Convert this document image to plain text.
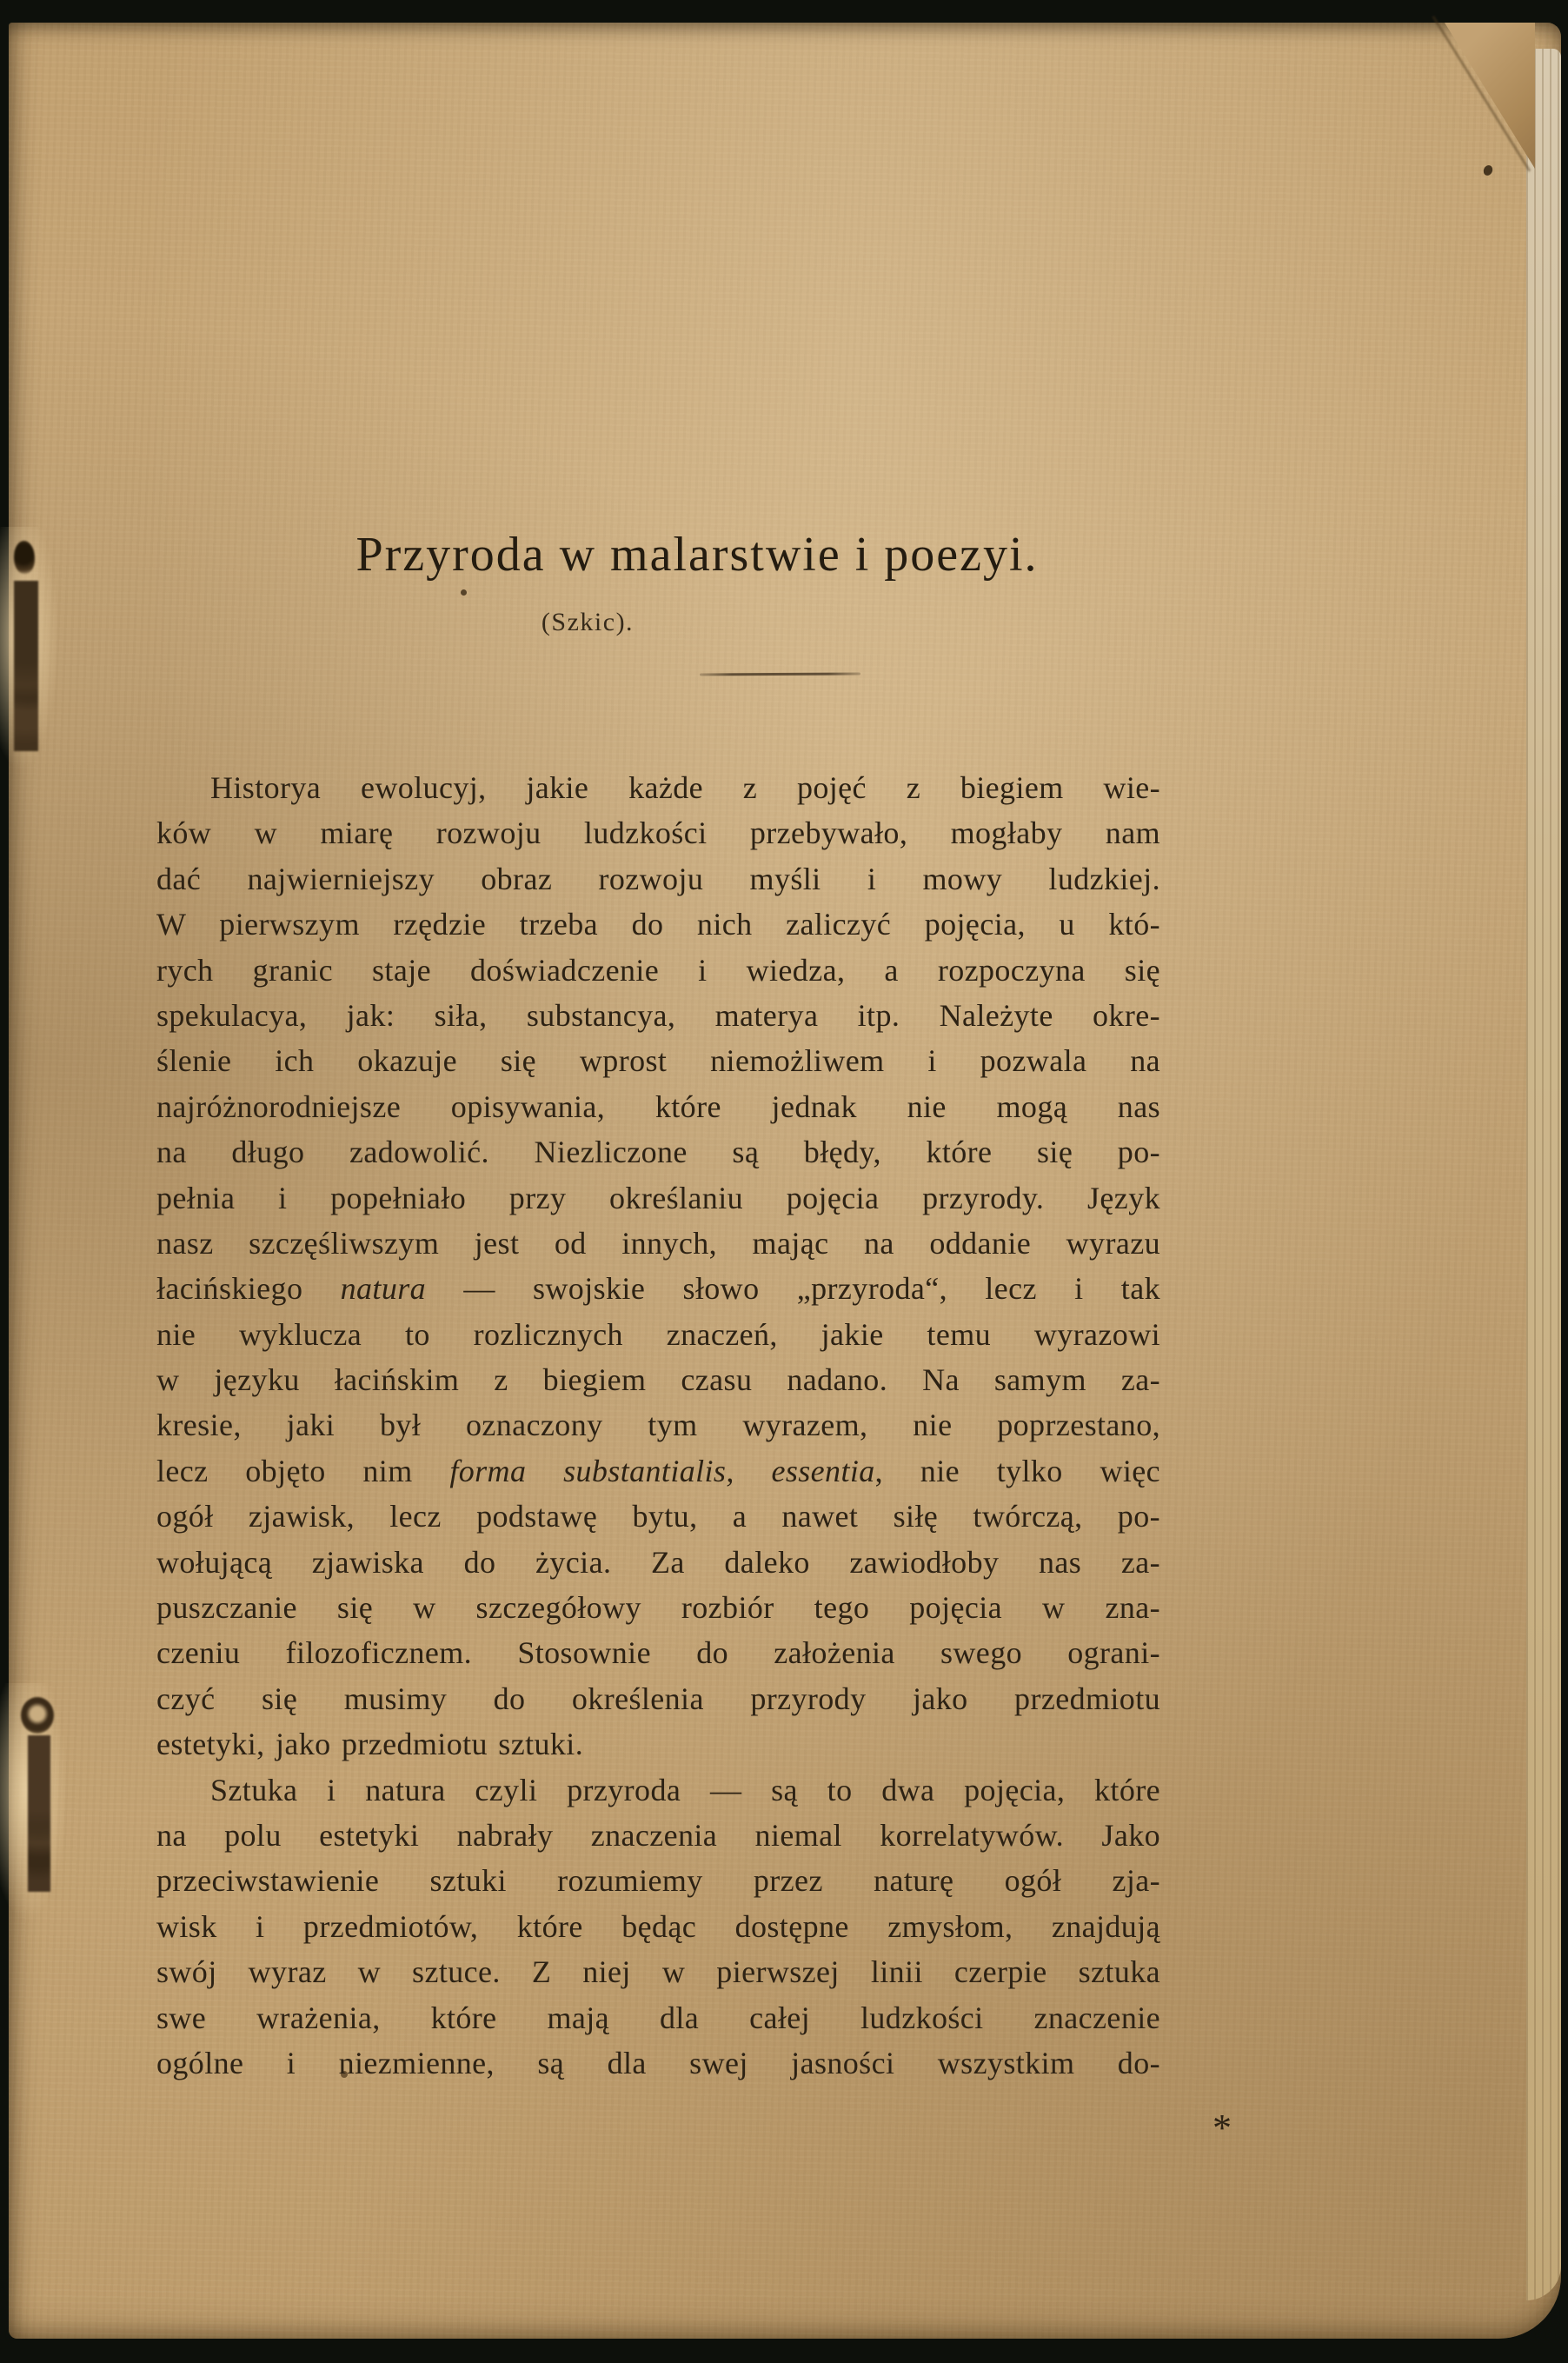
Przyroda w malarstwie i poezyi.
(Szkic).
Historya ewolucyj, jakie każde z pojęć z biegiem wie-
ków w miarę rozwoju ludzkości przebywało, mogłaby nam
dać najwierniejszy obraz rozwoju myśli i mowy ludzkiej.
W pierwszym rzędzie trzeba do nich zaliczyć pojęcia, u któ-
rych granic staje doświadczenie i wiedza, a rozpoczyna się
spekulacya, jak: siła, substancya, materya itp. Należyte okre-
ślenie ich okazuje się wprost niemożliwem i pozwala na
najróżnorodniejsze opisywania, które jednak nie mogą nas
na długo zadowolić. Niezliczone są błędy, które się po-
pełnia i popełniało przy określaniu pojęcia przyrody. Język
nasz szczęśliwszym jest od innych, mając na oddanie wyrazu
łacińskiego natura — swojskie słowo „przyroda“, lecz i tak
nie wyklucza to rozlicznych znaczeń, jakie temu wyrazowi
w języku łacińskim z biegiem czasu nadano. Na samym za-
kresie, jaki był oznaczony tym wyrazem, nie poprzestano,
lecz objęto nim forma substantialis, essentia, nie tylko więc
ogół zjawisk, lecz podstawę bytu, a nawet siłę twórczą, po-
wołującą zjawiska do życia. Za daleko zawiodłoby nas za-
puszczanie się w szczegółowy rozbiór tego pojęcia w zna-
czeniu filozoficznem. Stosownie do założenia swego ograni-
czyć się musimy do określenia przyrody jako przedmiotu
estetyki, jako przedmiotu sztuki.
Sztuka i natura czyli przyroda — są to dwa pojęcia, które
na polu estetyki nabrały znaczenia niemal korrelatywów. Jako
przeciwstawienie sztuki rozumiemy przez naturę ogół zja-
wisk i przedmiotów, które będąc dostępne zmysłom, znajdują
swój wyraz w sztuce. Z niej w pierwszej linii czerpie sztuka
swe wrażenia, które mają dla całej ludzkości znaczenie
ogólne i niezmienne, są dla swej jasności wszystkim do-
*
